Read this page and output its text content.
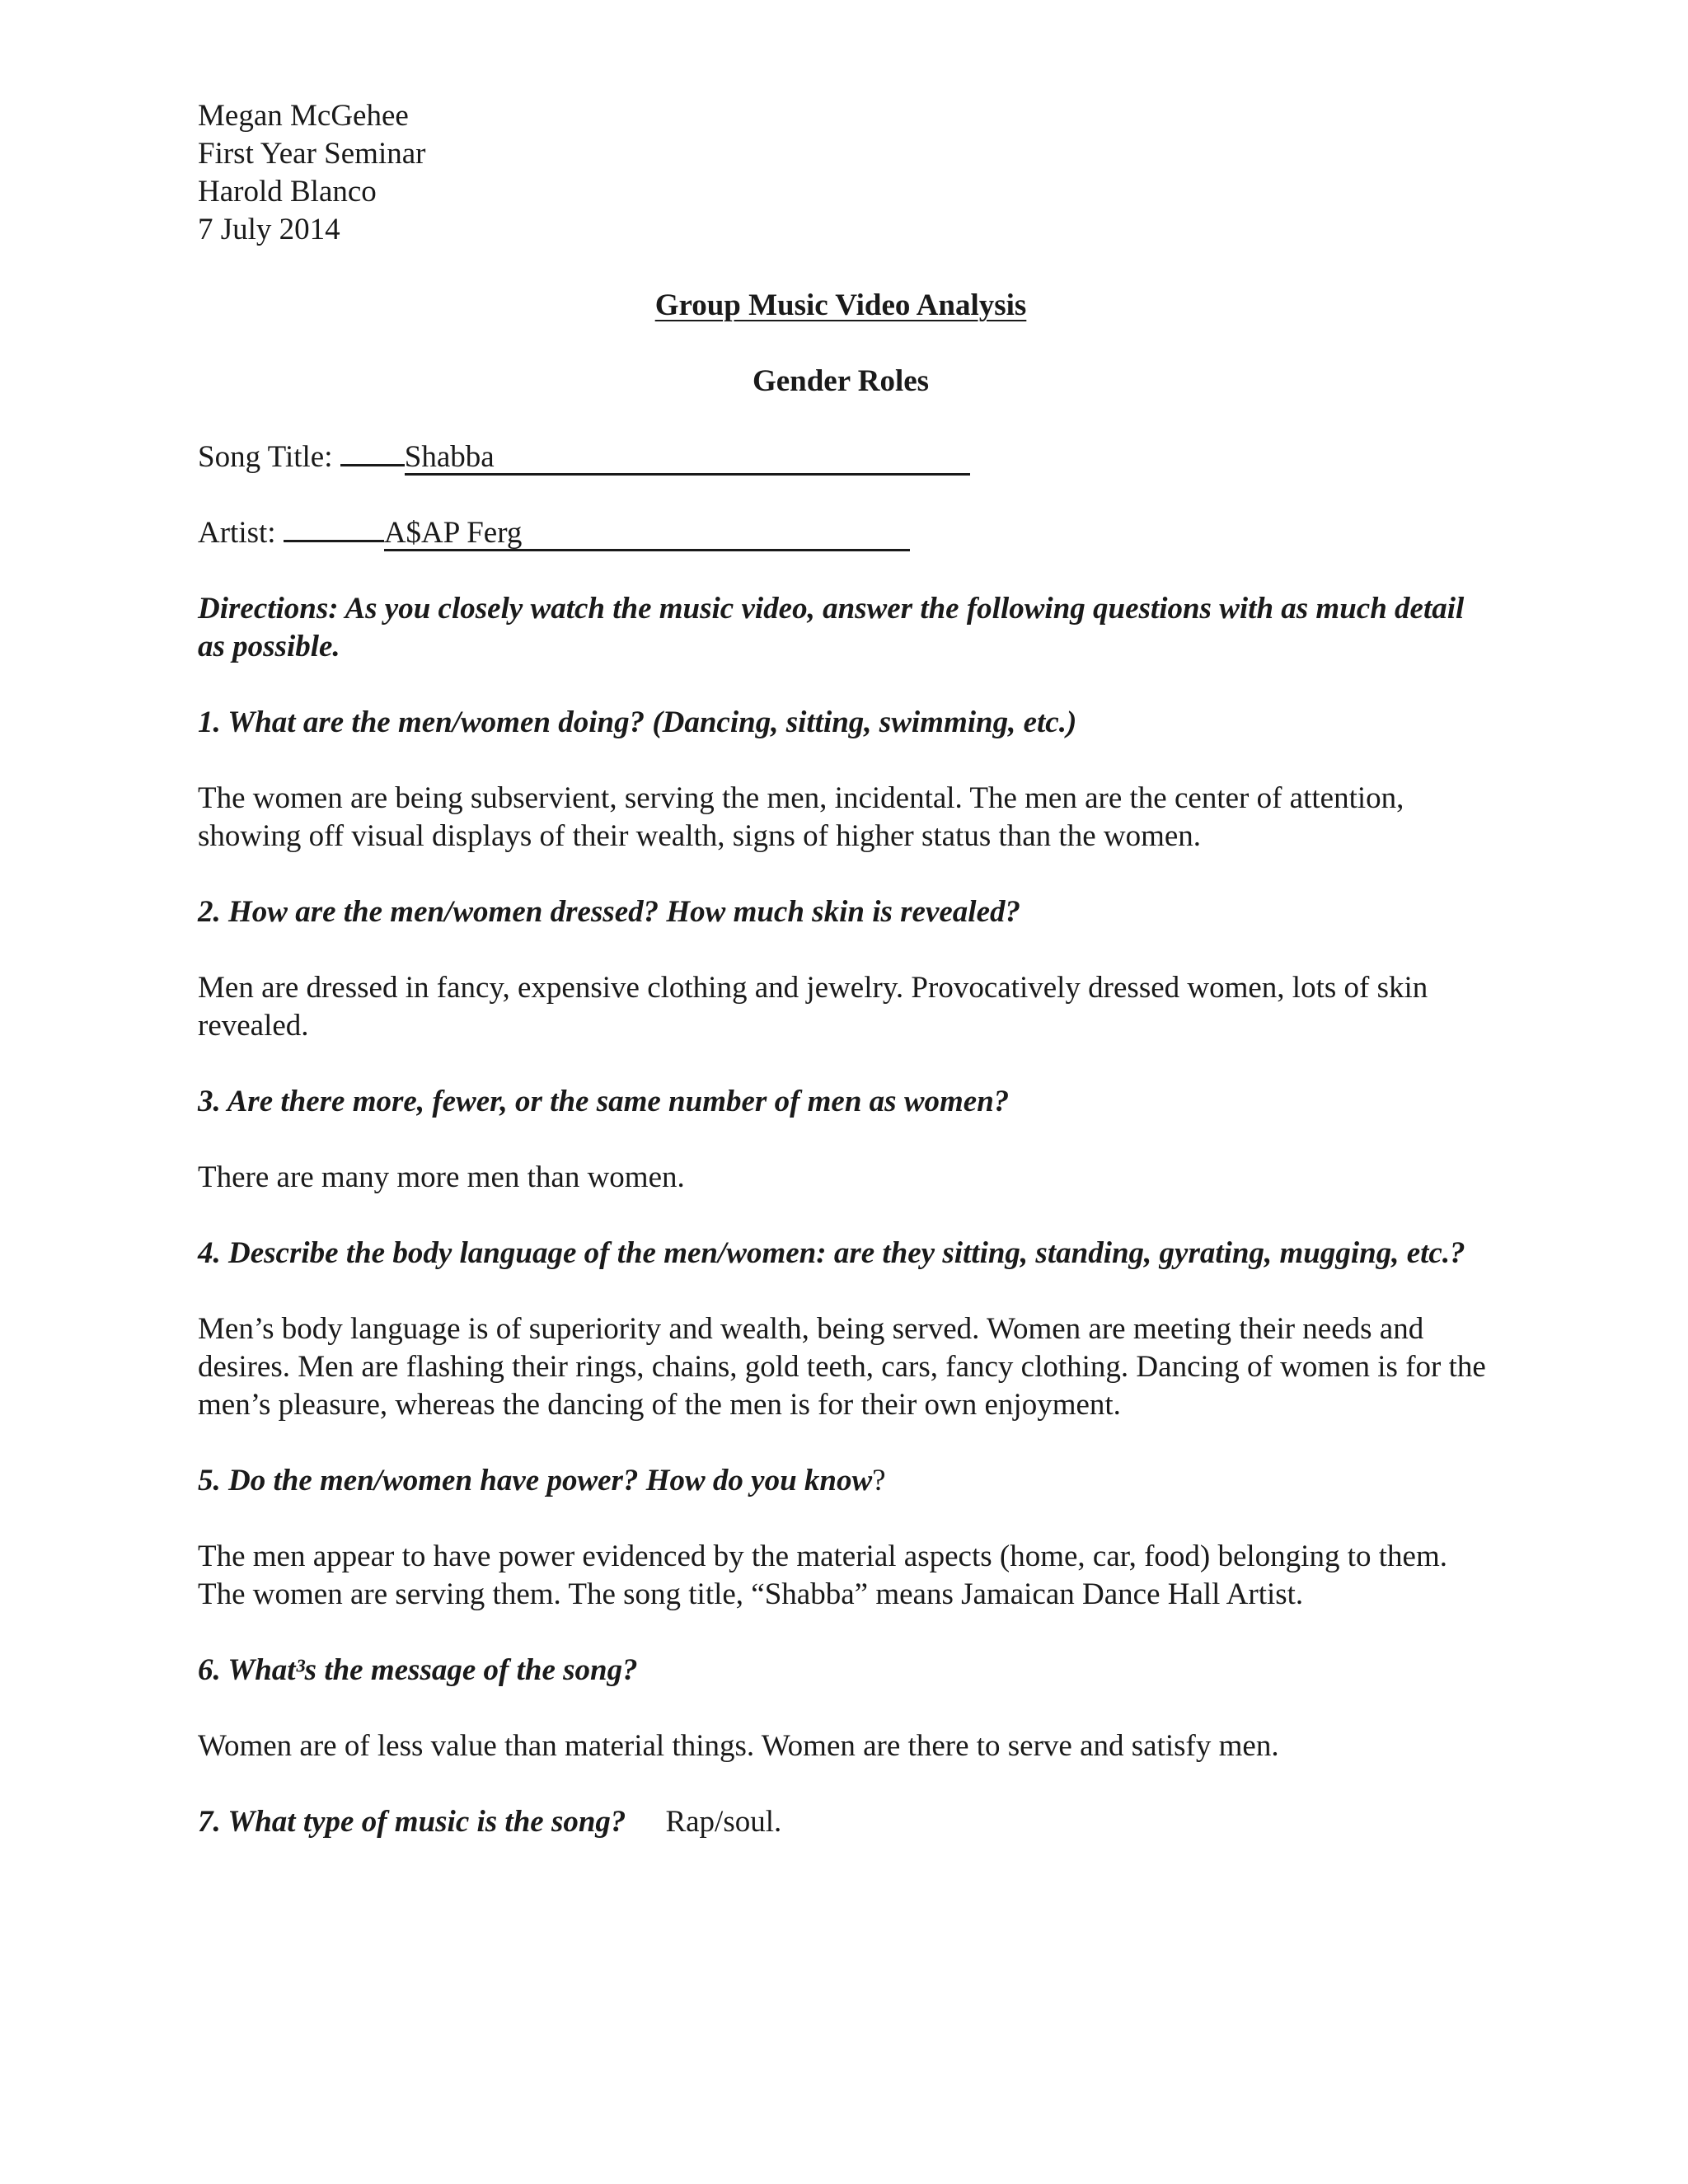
Megan McGehee
First Year Seminar
Harold Blanco
7 July 2014
Group Music Video Analysis
Gender Roles
Song Title: Shabba
Artist:	A$AP Ferg
Directions: As you closely watch the music video, answer the following questions with as much detail as possible.
1. What are the men/women doing? (Dancing, sitting, swimming, etc.)
The women are being subservient, serving the men, incidental. The men are the center of attention, showing off visual displays of their wealth, signs of higher status than the women.
2. How are the men/women dressed? How much skin is revealed?
Men are dressed in fancy, expensive clothing and jewelry. Provocatively dressed women, lots of skin revealed.
3. Are there more, fewer, or the same number of men as women?
There are many more men than women.
4. Describe the body language of the men/women: are they sitting, standing, gyrating, mugging, etc.?
Men’s body language is of superiority and wealth, being served. Women are meeting their needs and desires. Men are flashing their rings, chains, gold teeth, cars, fancy clothing. Dancing of women is for the men’s pleasure, whereas the dancing of the men is for their own enjoyment.
5. Do the men/women have power? How do you know?
The men appear to have power evidenced by the material aspects (home, car, food) belonging to them. The women are serving them. The song title, “Shabba” means Jamaican Dance Hall Artist.
6. What³s the message of the song?
Women are of less value than material things. Women are there to serve and satisfy men.
7. What type of music is the song? Rap/soul.
